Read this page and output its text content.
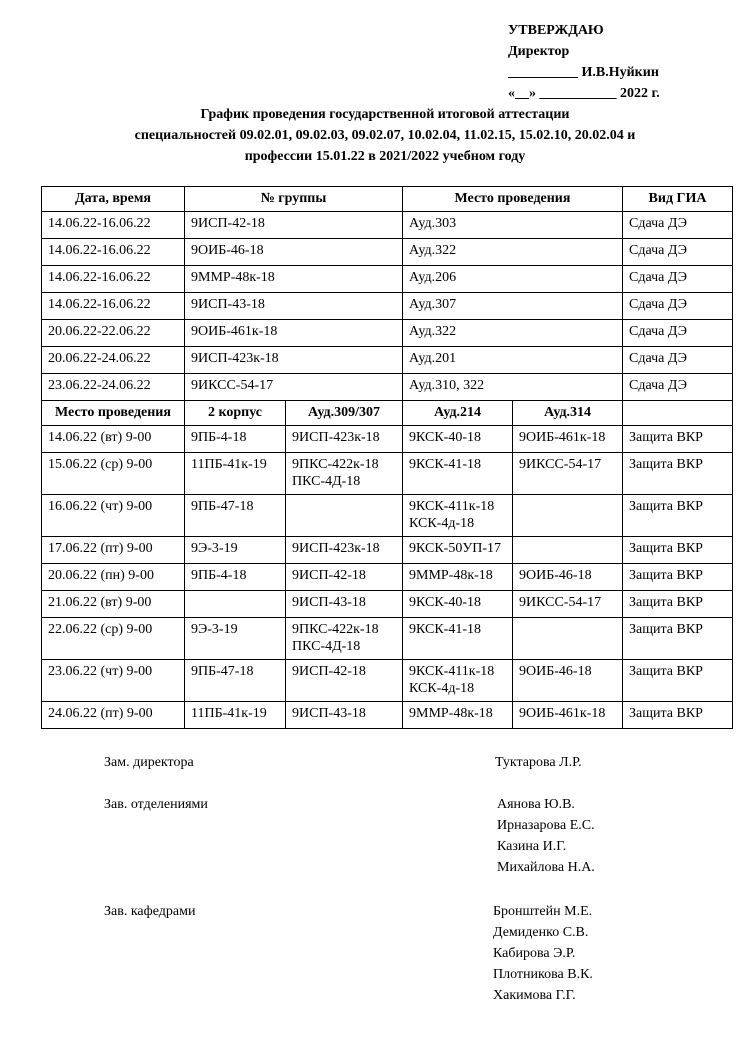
УТВЕРЖДАЮ
Директор
__________ И.В.Нуйкин
«__» ___________ 2022 г.
График проведения государственной итоговой аттестации
специальностей 09.02.01, 09.02.03, 09.02.07, 10.02.04, 11.02.15, 15.02.10, 20.02.04 и
профессии 15.01.22 в 2021/2022 учебном году
Дата, время	№ группы		Место проведения		Вид ГИА
14.06.22-16.06.22	9ИСП-42-18		Ауд.303		Сдача ДЭ
14.06.22-16.06.22	9ОИБ-46-18		Ауд.322		Сдача ДЭ
14.06.22-16.06.22	9ММР-48к-18		Ауд.206		Сдача ДЭ
14.06.22-16.06.22	9ИСП-43-18		Ауд.307		Сдача ДЭ
20.06.22-22.06.22	9ОИБ-461к-18		Ауд.322		Сдача ДЭ
20.06.22-24.06.22	9ИСП-423к-18		Ауд.201		Сдача ДЭ
23.06.22-24.06.22	9ИКСС-54-17		Ауд.310, 322		Сдача ДЭ
Место проведения	2 корпус	Ауд.309/307	Ауд.214	Ауд.314	
14.06.22 (вт) 9-00	9ПБ-4-18	9ИСП-423к-18	9КСК-40-18	9ОИБ-461к-18	Защита ВКР
15.06.22 (ср) 9-00	11ПБ-41к-19	9ПКС-422к-18
ПКС-4Д-18	9КСК-41-18	9ИКСС-54-17	Защита ВКР
16.06.22 (чт) 9-00	9ПБ-47-18		9КСК-411к-18
КСК-4д-18		Защита ВКР
17.06.22 (пт) 9-00	9Э-3-19	9ИСП-423к-18	9КСК-50УП-17		Защита ВКР
20.06.22 (пн) 9-00	9ПБ-4-18	9ИСП-42-18	9ММР-48к-18	9ОИБ-46-18	Защита ВКР
21.06.22 (вт) 9-00		9ИСП-43-18	9КСК-40-18	9ИКСС-54-17	Защита ВКР
22.06.22 (ср) 9-00	9Э-3-19	9ПКС-422к-18
ПКС-4Д-18	9КСК-41-18		Защита ВКР
23.06.22 (чт) 9-00	9ПБ-47-18	9ИСП-42-18	9КСК-411к-18
КСК-4д-18	9ОИБ-46-18	Защита ВКР
24.06.22 (пт) 9-00	11ПБ-41к-19	9ИСП-43-18	9ММР-48к-18	9ОИБ-461к-18	Защита ВКР
Зам. директора	Туктарова Л.Р.
Зав. отделениями	Аянова Ю.В.
Ирназарова Е.С.
Казина И.Г.
Михайлова Н.А.
Зав. кафедрами	Бронштейн М.Е.
Демиденко С.В.
Кабирова Э.Р.
Плотникова В.К.
Хакимова Г.Г.
